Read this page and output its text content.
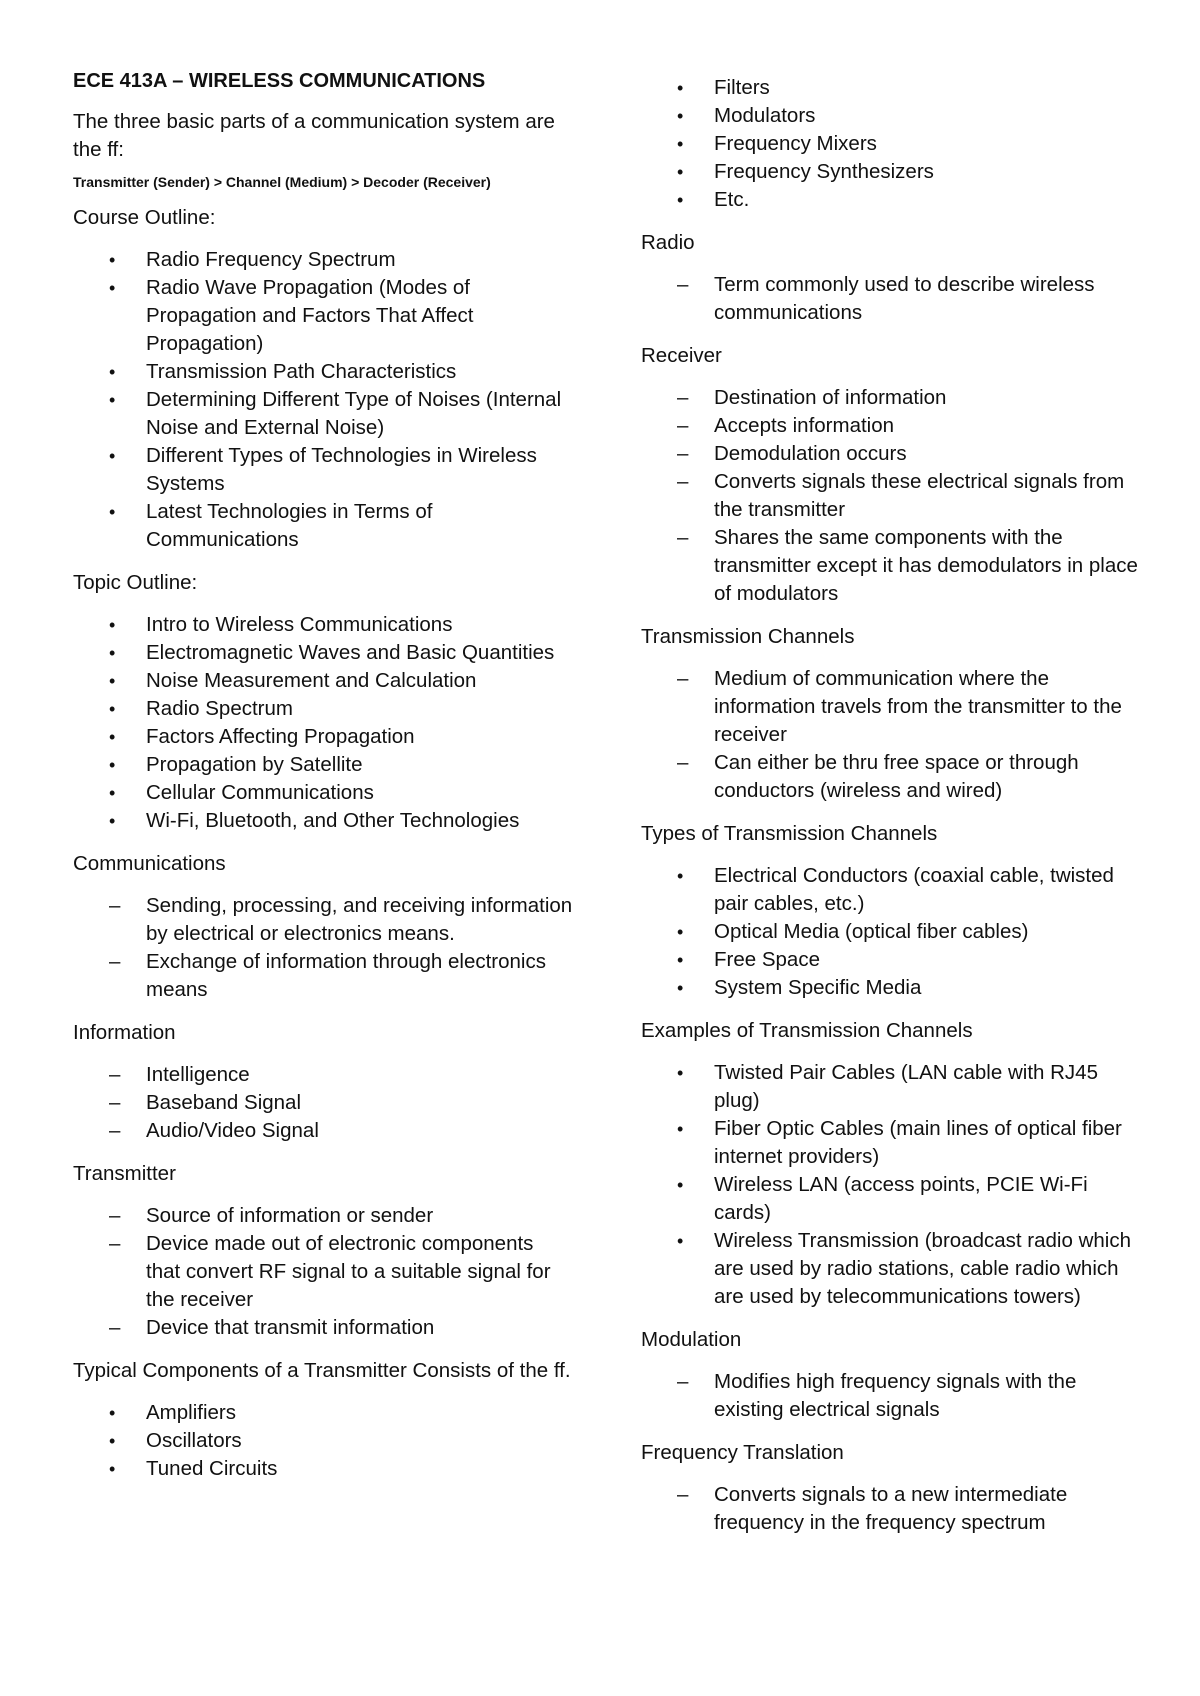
ECE 413A – WIRELESS COMMUNICATIONS

The three basic parts of a communication system are the ff:

Transmitter (Sender) > Channel (Medium) > Decoder (Receiver)
Course Outline:
•	Radio Frequency Spectrum
•	Radio Wave Propagation (Modes of Propagation and Factors That Affect Propagation)
•	Transmission Path Characteristics
•	Determining Different Type of Noises (Internal Noise and External Noise)
•	Different Types of Technologies in Wireless Systems
•	Latest Technologies in Terms of Communications
Topic Outline:
•	Intro to Wireless Communications
•	Electromagnetic Waves and Basic Quantities
•	Noise Measurement and Calculation
•	Radio Spectrum
•	Factors Affecting Propagation
•	Propagation by Satellite
•	Cellular Communications
•	Wi-Fi, Bluetooth, and Other Technologies
Communications
–	Sending, processing, and receiving information by electrical or electronics means.
–	Exchange of information through electronics means
Information
–	Intelligence
–	Baseband Signal
–	Audio/Video Signal
Transmitter
–	Source of information or sender
–	Device made out of electronic components that convert RF signal to a suitable signal for the receiver
–	Device that transmit information
Typical Components of a Transmitter Consists of the ff.
•	Amplifiers
•	Oscillators
•	Tuned Circuits
•	Filters
•	Modulators
•	Frequency Mixers
•	Frequency Synthesizers
•	Etc.
Radio
–	Term commonly used to describe wireless communications
Receiver
–	Destination of information
–	Accepts information
–	Demodulation occurs
–	Converts signals these electrical signals from the transmitter
–	Shares the same components with the transmitter except it has demodulators in place of modulators
Transmission Channels
–	Medium of communication where the information travels from the transmitter to the receiver
–	Can either be thru free space or through conductors (wireless and wired)
Types of Transmission Channels
•	Electrical Conductors (coaxial cable, twisted pair cables, etc.)
•	Optical Media (optical fiber cables)
•	Free Space
•	System Specific Media
Examples of Transmission Channels
•	Twisted Pair Cables (LAN cable with RJ45 plug)
•	Fiber Optic Cables (main lines of optical fiber internet providers)
•	Wireless LAN (access points, PCIE Wi-Fi cards)
•	Wireless Transmission (broadcast radio which are used by radio stations, cable radio which are used by telecommunications towers)
Modulation
–	Modifies high frequency signals with the existing electrical signals
Frequency Translation
–	Converts signals to a new intermediate frequency in the frequency spectrum
